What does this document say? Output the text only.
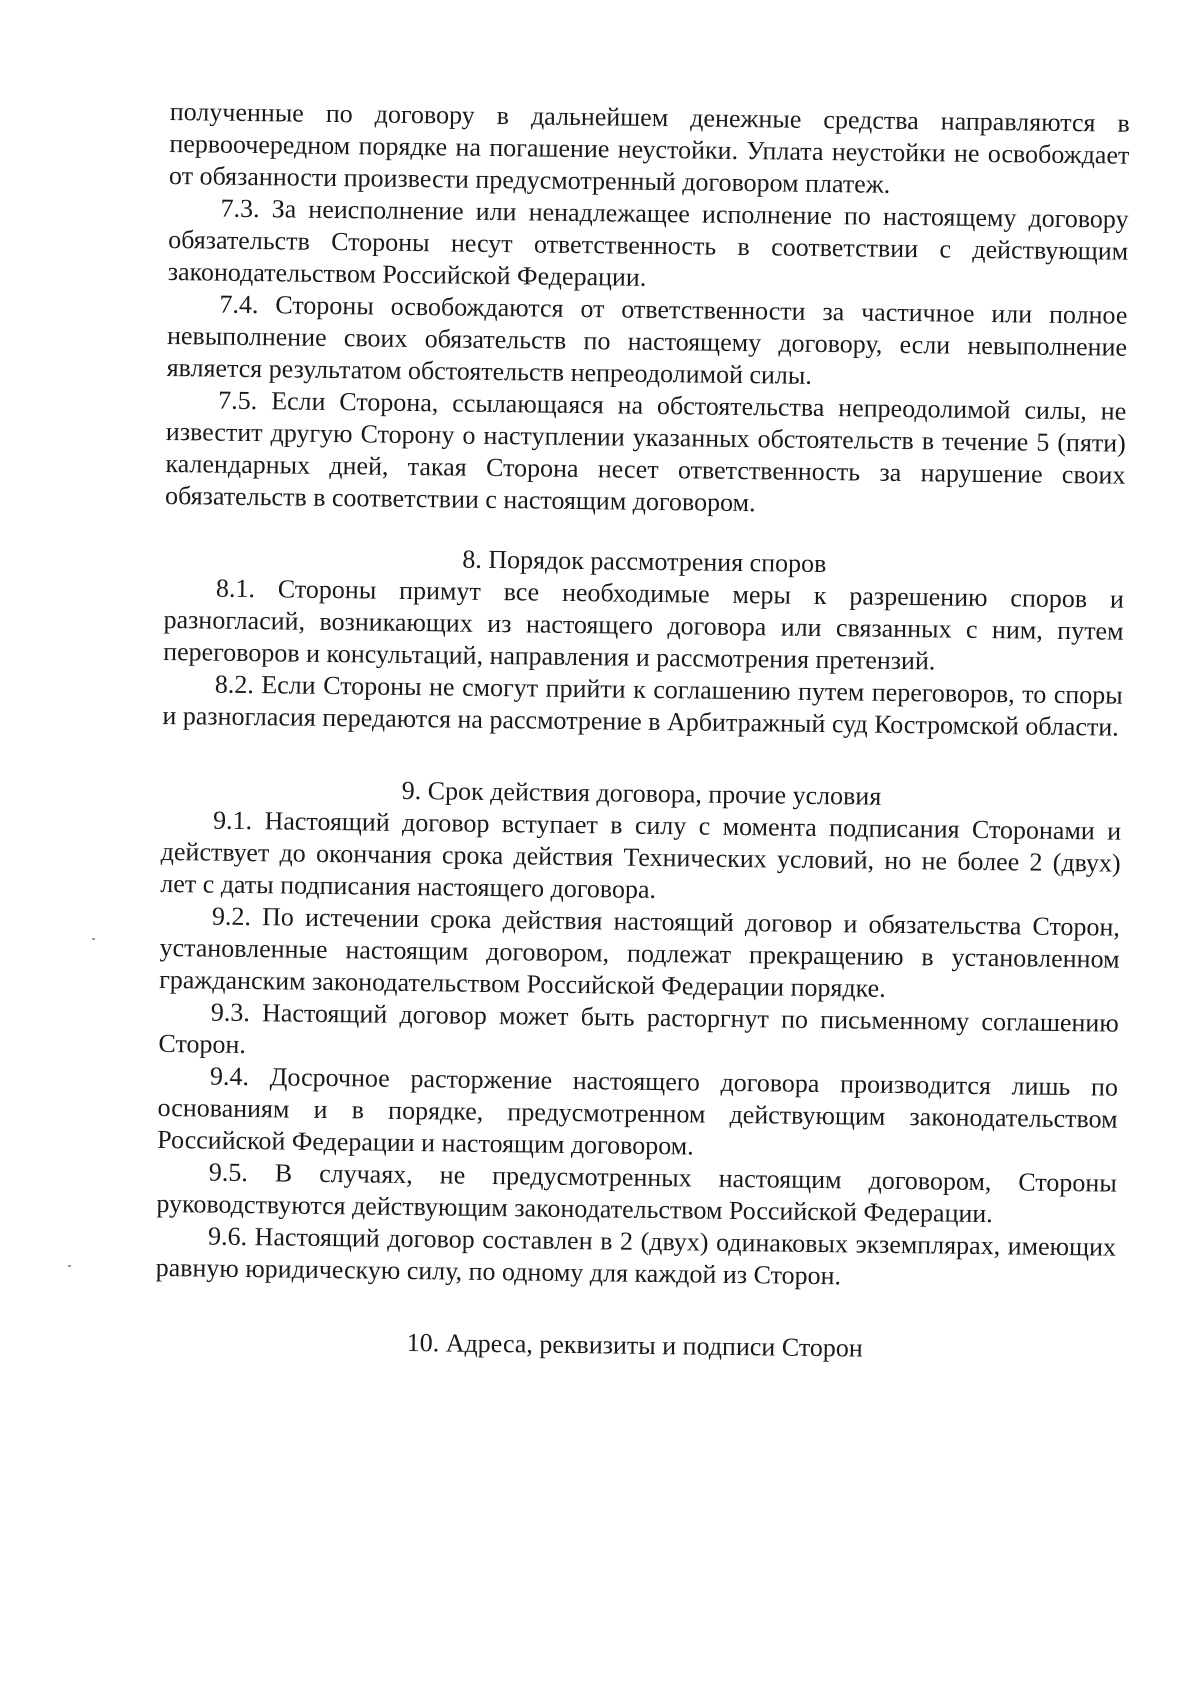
полученные по договору в дальнейшем денежные средства направляются в первоочередном порядке на погашение неустойки. Уплата неустойки не освобождает от обязанности произвести предусмотренный договором платеж.

7.3. За неисполнение или ненадлежащее исполнение по настоящему договору обязательств Стороны несут ответственность в соответствии с действующим законодательством Российской Федерации.

7.4. Стороны освобождаются от ответственности за частичное или полное невыполнение своих обязательств по настоящему договору, если невыполнение является результатом обстоятельств непреодолимой силы.

7.5. Если Сторона, ссылающаяся на обстоятельства непреодолимой силы, не известит другую Сторону о наступлении указанных обстоятельств в течение 5 (пяти) календарных дней, такая Сторона несет ответственность за нарушение своих обязательств в соответствии с настоящим договором.

8. Порядок рассмотрения споров

8.1. Стороны примут все необходимые меры к разрешению споров и разногласий, возникающих из настоящего договора или связанных с ним, путем переговоров и консультаций, направления и рассмотрения претензий.

8.2. Если Стороны не смогут прийти к соглашению путем переговоров, то споры и разногласия передаются на рассмотрение в Арбитражный суд Костромской области.

9. Срок действия договора, прочие условия

9.1. Настоящий договор вступает в силу с момента подписания Сторонами и действует до окончания срока действия Технических условий, но не более 2 (двух) лет с даты подписания настоящего договора.

9.2. По истечении срока действия настоящий договор и обязательства Сторон, установленные настоящим договором, подлежат прекращению в установленном гражданским законодательством Российской Федерации порядке.

9.3. Настоящий договор может быть расторгнут по письменному соглашению Сторон.

9.4. Досрочное расторжение настоящего договора производится лишь по основаниям и в порядке, предусмотренном действующим законодательством Российской Федерации и настоящим договором.

9.5. В случаях, не предусмотренных настоящим договором, Стороны руководствуются действующим законодательством Российской Федерации.

9.6. Настоящий договор составлен в 2 (двух) одинаковых экземплярах, имеющих равную юридическую силу, по одному для каждой из Сторон.

10. Адреса, реквизиты и подписи Сторон
